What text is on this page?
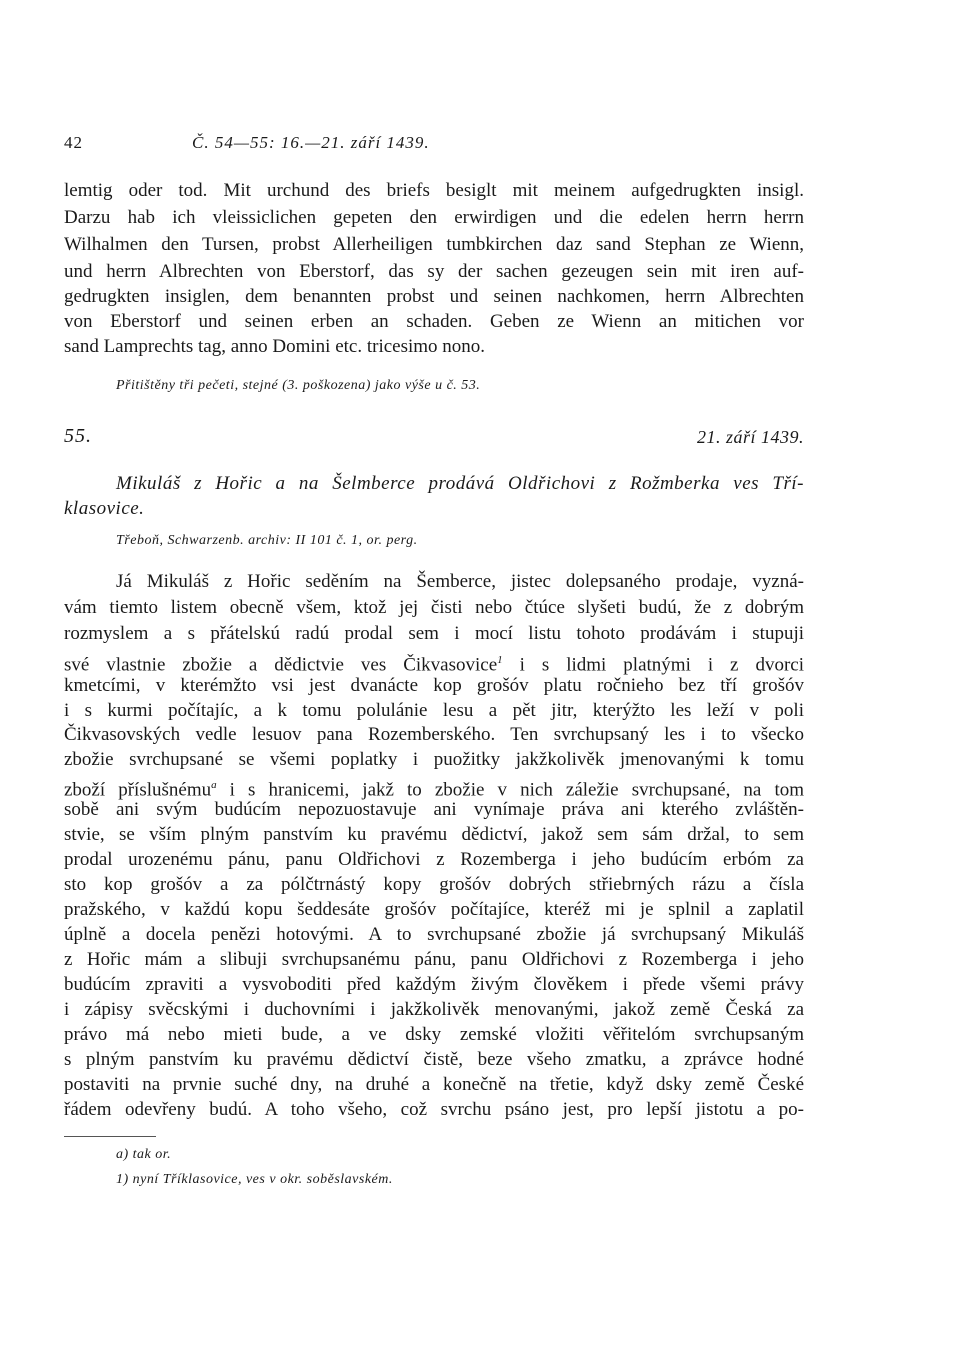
42	Č. 54—55: 16.—21. září 1439.
lemtig oder tod. Mit urchund des briefs besiglt mit meinem aufgedrugkten insigl.
Darzu hab ich vleissiclichen gepeten den erwirdigen und die edelen herrn herrn
Wilhalmen den Tursen, probst Allerheiligen tumbkirchen daz sand Stephan ze Wienn,
und herrn Albrechten von Eberstorf, das sy der sachen gezeugen sein mit iren auf-
gedrugkten insiglen, dem benannten probst und seinen nachkomen, herrn Albrechten
von Eberstorf und seinen erben an schaden. Geben ze Wienn an mitichen vor
sand Lamprechts tag, anno Domini etc. tricesimo nono.
Přitištěny tři pečeti, stejné (3. poškozena) jako výše u č. 53.
55.	21. září 1439.
Mikuláš z Hořic a na Šelmberce prodává Oldřichovi z Rožmberka ves Tří-
klasovice.
Třeboň, Schwarzenb. archiv: II 101 č. 1, or. perg.
Já Mikuláš z Hořic seděním na Šemberce, jistec dolepsaného prodaje, vyzná-
vám tiemto listem obecně všem, ktož jej čisti nebo čtúce slyšeti budú, že z dobrým
rozmyslem a s přátelskú radú prodal sem i mocí listu tohoto prodávám i stupuji
své vlastnie zbožie a dědictvie ves Čikvasovice$^1$ i s lidmi platnými i z dvorci
kmetcími, v kterémžto vsi jest dvanácte kop grošóv platu ročnieho bez tří grošóv
i s kurmi počítajíc, a k tomu polulánie lesu a pět jitr, kterýžto les leží v poli
Čikvasovských vedle lesuov pana Rozemberského. Ten svrchupsaný les i to všecko
zbožie svrchupsané se všemi poplatky i puožitky jakžkolivěk jmenovanými k tomu
zboží příslušnému$^a$ i s hranicemi, jakž to zbožie v nich záležie svrchupsané, na tom
sobě ani svým budúcím nepozuostavuje ani vynímaje práva ani kterého zvláštěn-
stvie, se vším plným panstvím ku pravému dědictví, jakož sem sám držal, to sem
prodal urozenému pánu, panu Oldřichovi z Rozemberga i jeho budúcím erbóm za
sto kop grošóv a za pólčtrnástý kopy grošóv dobrých střiebrných rázu a čísla
pražského, v každú kopu šeddesáte grošóv počítajíce, kteréž mi je splnil a zaplatil
úplně a docela penězi hotovými. A to svrchupsané zbožie já svrchupsaný Mikuláš
z Hořic mám a slibuji svrchupsanému pánu, panu Oldřichovi z Rozemberga i jeho
budúcím zpraviti a vysvoboditi před každým živým člověkem i přede všemi právy
i zápisy svěcskými i duchovními i jakžkolivěk menovanými, jakož země Česká za
právo má nebo mieti bude, a ve dsky zemské vložiti věřitelóm svrchupsaným
s plným panstvím ku pravému dědictví čistě, beze všeho zmatku, a zprávce hodné
postaviti na prvnie suché dny, na druhé a konečně na třetie, když dsky země České
řádem odevřeny budú. A toho všeho, což svrchu psáno jest, pro lepší jistotu a po-
a) tak or.
1) nyní Tříklasovice, ves v okr. soběslavském.
